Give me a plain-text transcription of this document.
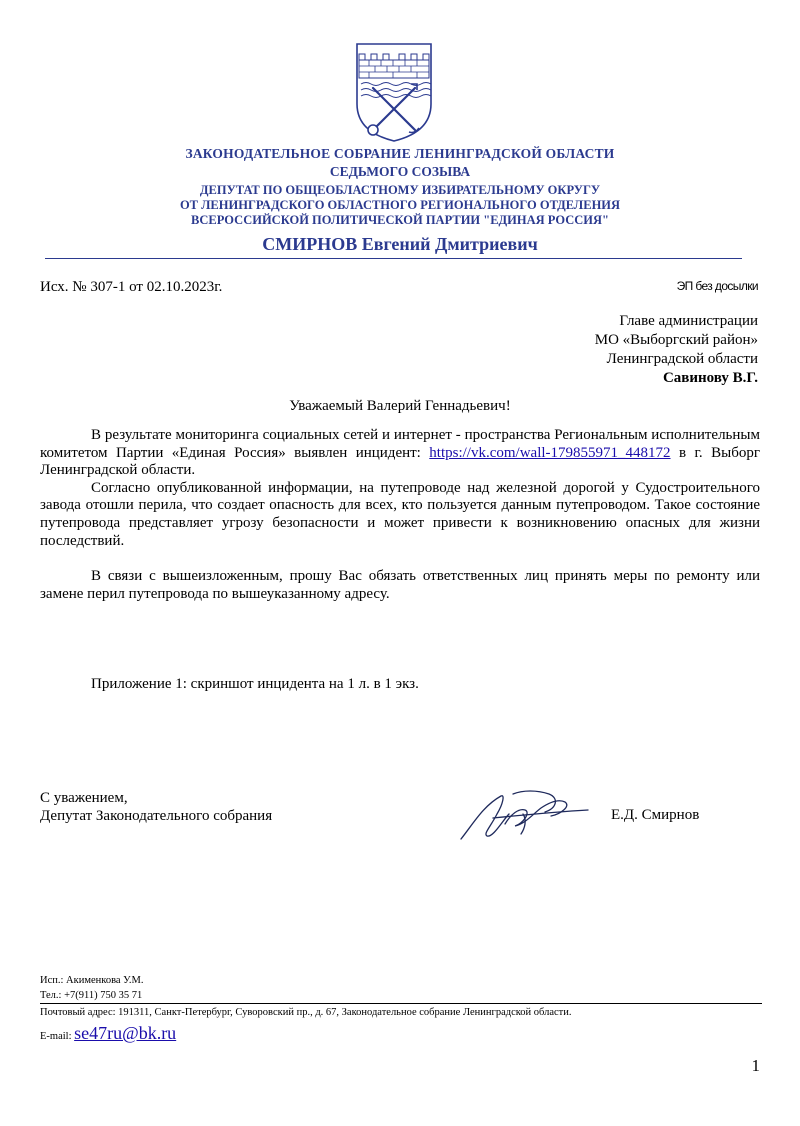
ЗАКОНОДАТЕЛЬНОЕ СОБРАНИЕ ЛЕНИНГРАДСКОЙ ОБЛАСТИ
СЕДЬМОГО СОЗЫВА
ДЕПУТАТ ПО ОБЩЕОБЛАСТНОМУ ИЗБИРАТЕЛЬНОМУ ОКРУГУ
ОТ ЛЕНИНГРАДСКОГО ОБЛАСТНОГО РЕГИОНАЛЬНОГО ОТДЕЛЕНИЯ
ВСЕРОССИЙСКОЙ ПОЛИТИЧЕСКОЙ ПАРТИИ "ЕДИНАЯ РОССИЯ"
СМИРНОВ Евгений Дмитриевич
Исх. № 307-1 от 02.10.2023г.	ЭП без досылки
Главе администрации
МО «Выборгский район»
Ленинградской области
Савинову В.Г.
Уважаемый Валерий Геннадьевич!

В результате мониторинга социальных сетей и интернет - пространства Региональным исполнительным комитетом Партии «Единая Россия» выявлен инцидент: https://vk.com/wall-179855971_448172 в г. Выборг Ленинградской области.

Согласно опубликованной информации, на путепроводе над железной дорогой у Судостроительного завода отошли перила, что создает опасность для всех, кто пользуется данным путепроводом. Такое состояние путепровода представляет угрозу безопасности и может привести к возникновению опасных для жизни последствий.

В связи с вышеизложенным, прошу Вас обязать ответственных лиц принять меры по ремонту или замене перил путепровода по вышеуказанному адресу.

Приложение 1: скриншот инцидента на 1 л. в 1 экз.
С уважением,
Депутат Законодательного собрания	Е.Д. Смирнов
Исп.: Акименкова У.М.
Тел.: +7(911) 750 35 71
Почтовый адрес: 191311, Санкт-Петербург, Суворовский пр., д. 67, Законодательное собрание Ленинградской области.
E-mail: se47ru@bk.ru
1
